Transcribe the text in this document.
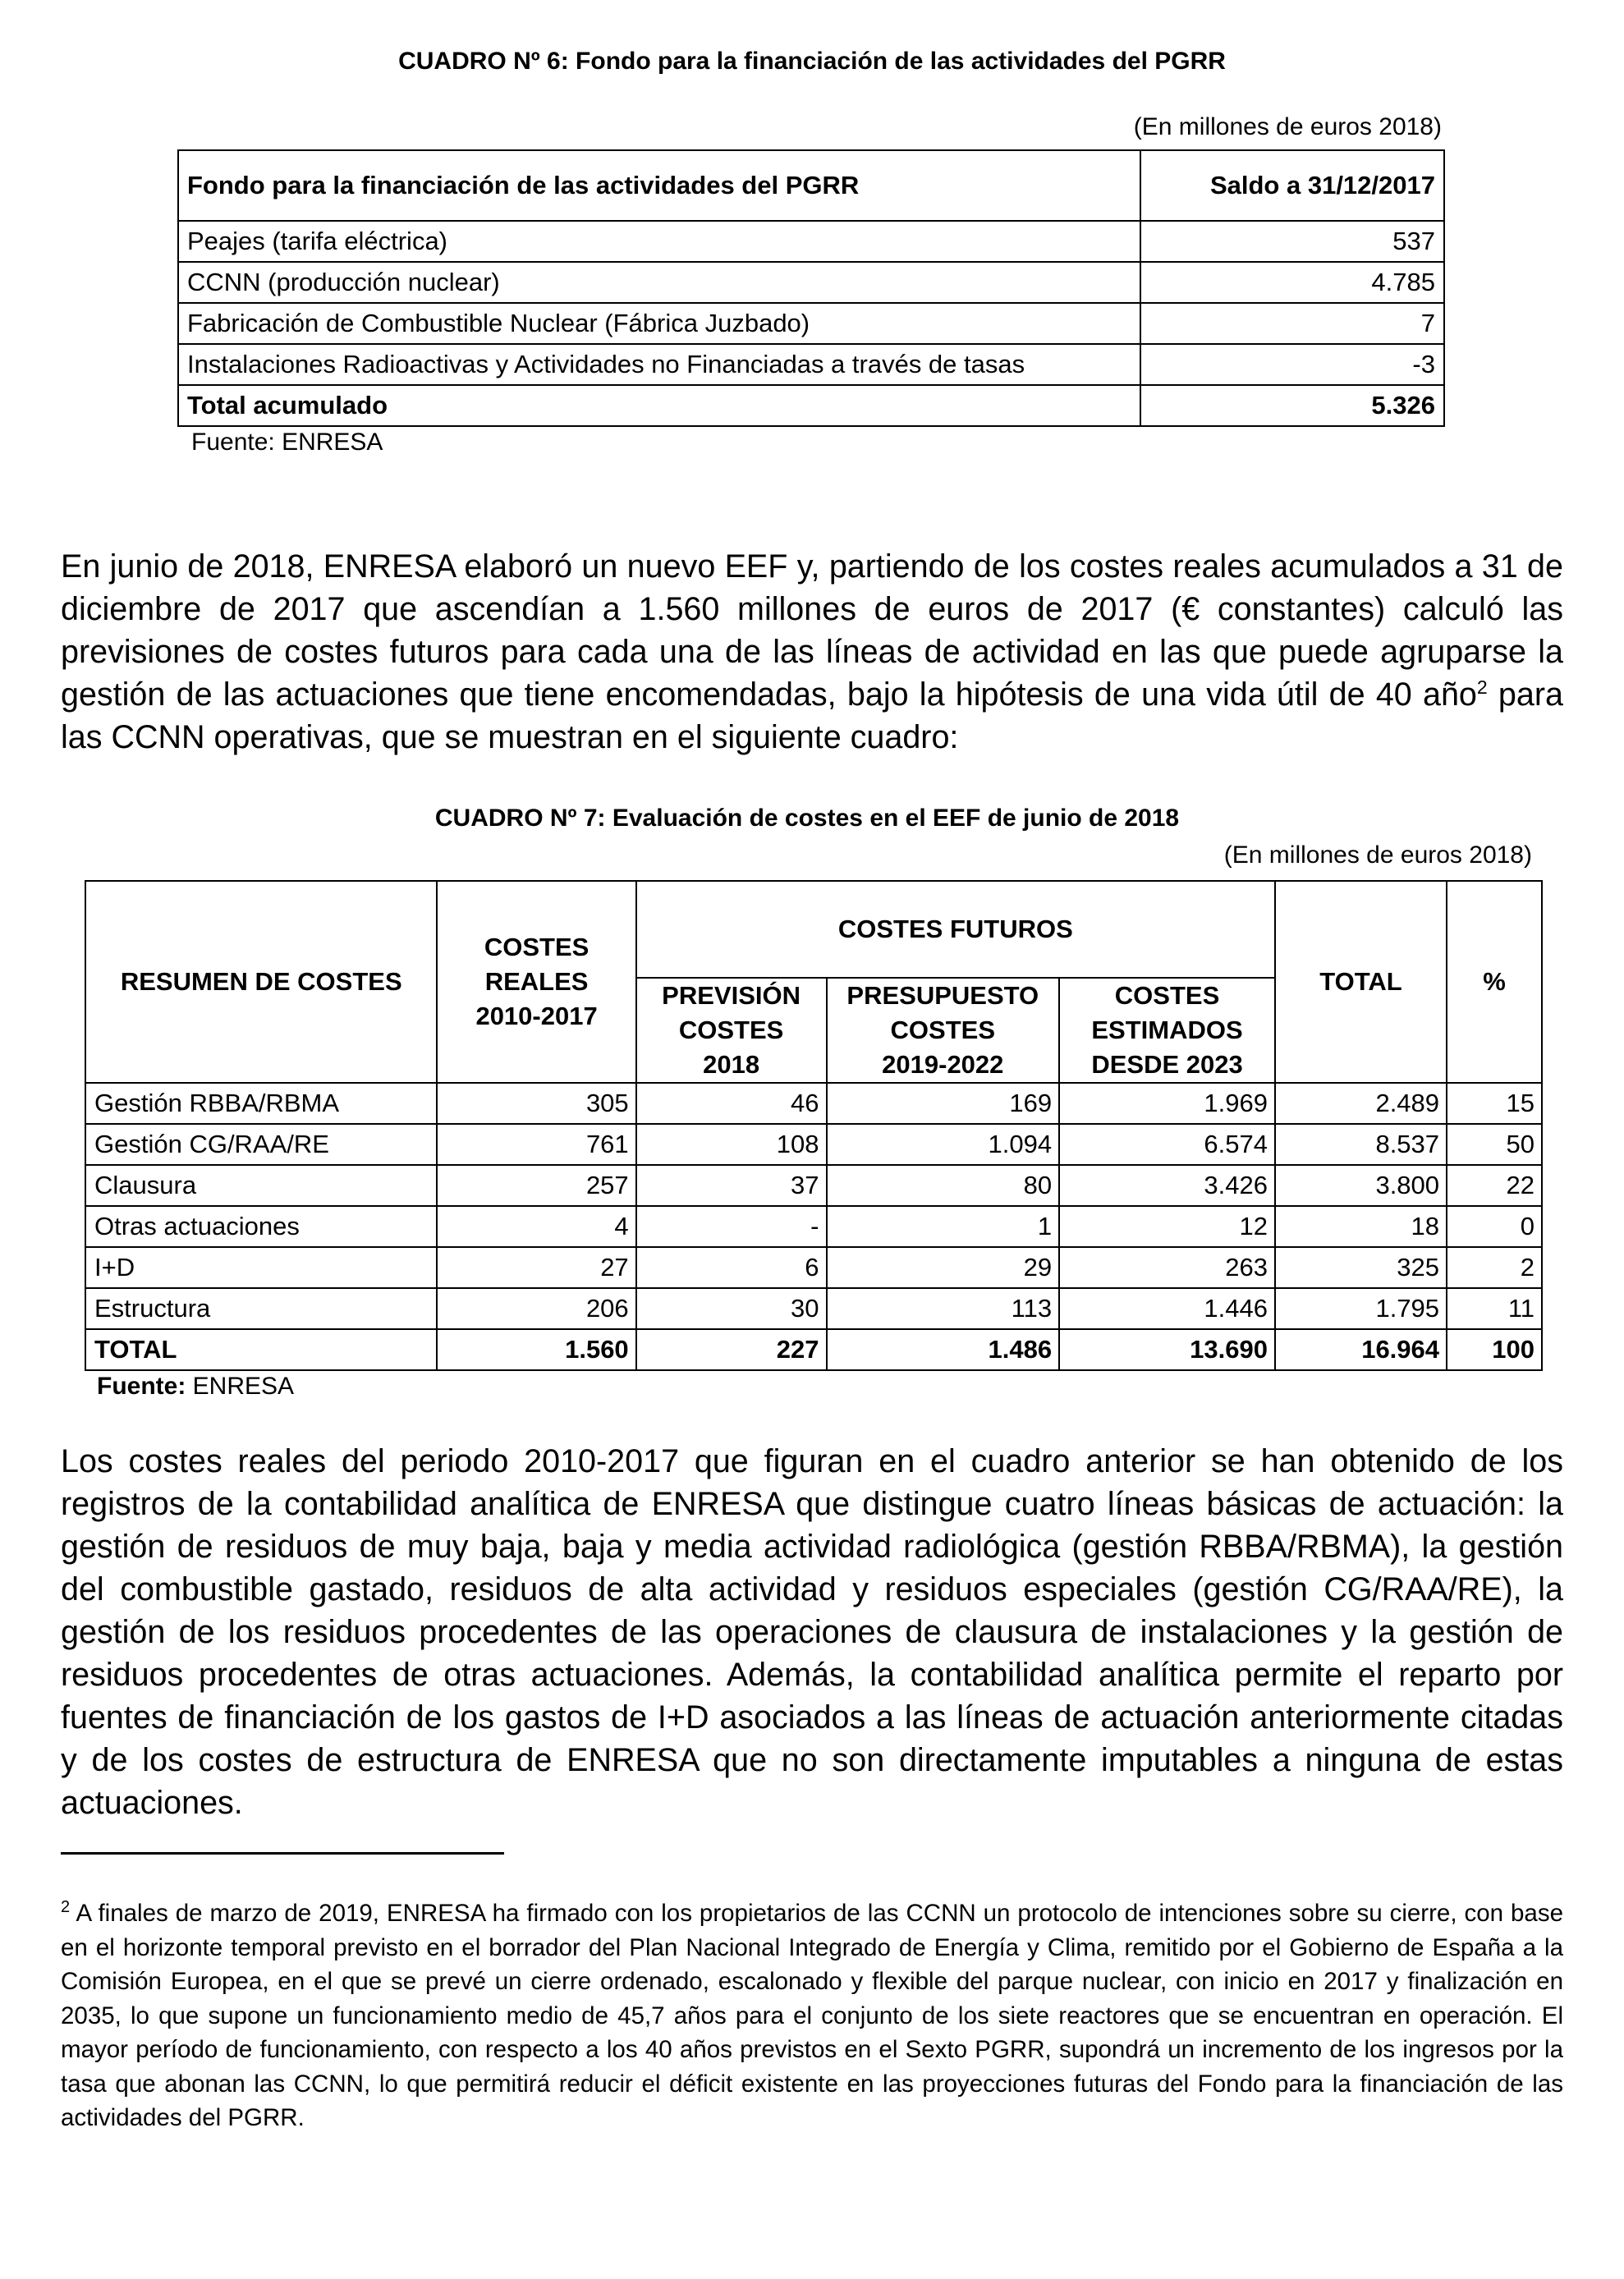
CUADRO Nº 6: Fondo para la financiación de las actividades del PGRR
(En millones de euros 2018)
Fondo para la financiación de las actividades del PGRR	Saldo a 31/12/2017
Peajes (tarifa eléctrica)	537
CCNN (producción nuclear)	4.785
Fabricación de Combustible Nuclear (Fábrica Juzbado)	7
Instalaciones Radioactivas y Actividades no Financiadas a través de tasas	-3
Total acumulado	5.326
Fuente: ENRESA
En junio de 2018, ENRESA elaboró un nuevo EEF y, partiendo de los costes reales acumulados a 31 de diciembre de 2017 que ascendían a 1.560 millones de euros de 2017 (€ constantes) calculó las previsiones de costes futuros para cada una de las líneas de actividad en las que puede agruparse la gestión de las actuaciones que tiene encomendadas, bajo la hipótesis de una vida útil de 40 año$^2$ para las CCNN operativas, que se muestran en el siguiente cuadro:
CUADRO Nº 7: Evaluación de costes en el EEF de junio de 2018
(En millones de euros 2018)
RESUMEN DE COSTES	COSTES
REALES
2010-2017	COSTES FUTUROS			TOTAL	%
		PREVISIÓN
COSTES
2018	PRESUPUESTO
COSTES
2019-2022	COSTES
ESTIMADOS
DESDE 2023		
Gestión RBBA/RBMA	305	46	169	1.969	2.489	15
Gestión CG/RAA/RE	761	108	1.094	6.574	8.537	50
Clausura	257	37	80	3.426	3.800	22
Otras actuaciones	4	-	1	12	18	0
I+D	27	6	29	263	325	2
Estructura	206	30	113	1.446	1.795	11
TOTAL	1.560	227	1.486	13.690	16.964	100
Fuente: ENRESA
Los costes reales del periodo 2010-2017 que figuran en el cuadro anterior se han obtenido de los registros de la contabilidad analítica de ENRESA que distingue cuatro líneas básicas de actuación: la gestión de residuos de muy baja, baja y media actividad radiológica (gestión RBBA/RBMA), la gestión del combustible gastado, residuos de alta actividad y residuos especiales (gestión CG/RAA/RE), la gestión de los residuos procedentes de las operaciones de clausura de instalaciones y la gestión de residuos procedentes de otras actuaciones. Además, la contabilidad analítica permite el reparto por fuentes de financiación de los gastos de I+D asociados a las líneas de actuación anteriormente citadas y de los costes de estructura de ENRESA que no son directamente imputables a ninguna de estas actuaciones.
$^2$ A finales de marzo de 2019, ENRESA ha firmado con los propietarios de las CCNN un protocolo de intenciones sobre su cierre, con base en el horizonte temporal previsto en el borrador del Plan Nacional Integrado de Energía y Clima, remitido por el Gobierno de España a la Comisión Europea, en el que se prevé un cierre ordenado, escalonado y flexible del parque nuclear, con inicio en 2017 y finalización en 2035, lo que supone un funcionamiento medio de 45,7 años para el conjunto de los siete reactores que se encuentran en operación. El mayor período de funcionamiento, con respecto a los 40 años previstos en el Sexto PGRR, supondrá un incremento de los ingresos por la tasa que abonan las CCNN, lo que permitirá reducir el déficit existente en las proyecciones futuras del Fondo para la financiación de las actividades del PGRR.
